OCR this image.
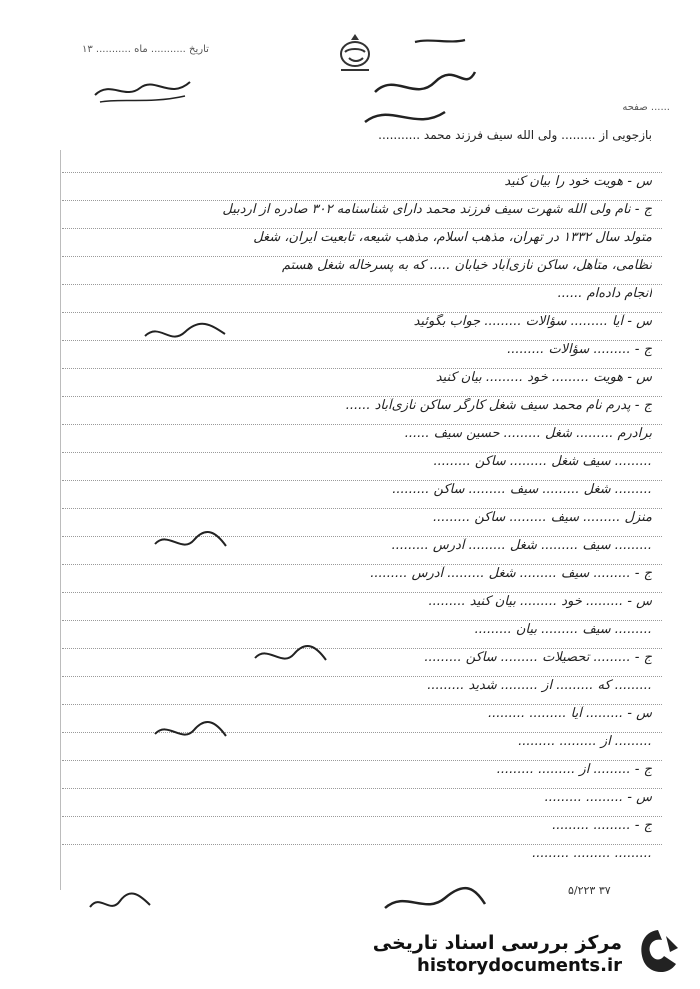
تاریخ ........... ماه ........... ۱۳
بازجویی از ......... ولی الله سیف فرزند محمد ...........
صفحه ......
س - هویت خود را بیان کنید
ج - نام ولی الله شهرت سیف فرزند محمد دارای شناسنامه ۳۰۲ صادره از اردبیل
متولد سال ۱۳۳۲ در تهران، مذهب اسلام، مذهب شیعه، تابعیت ایران، شغل
نظامی، متأهل، ساکن نازی‌آباد خیابان ..... که به پسرخاله شغل هستم
انجام داده‌ام ......
س - آیا ......... سؤالات ......... جواب بگوئید
ج - ......... سؤالات .........
س - هویت ......... خود ......... بیان کنید
ج - پدرم نام محمد سیف شغل کارگر ساکن نازی‌آباد ......
برادرم ......... شغل ......... حسین سیف ......
......... سیف شغل ......... ساکن .........
......... شغل ......... سیف ......... ساکن .........
منزل ......... سیف ......... ساکن .........
......... سیف ......... شغل ......... آدرس .........
ج - ......... سیف ......... شغل ......... آدرس .........
س - ......... خود ......... بیان کنید .........
......... سیف ......... بیان .........
ج - ......... تحصیلات ......... ساکن .........
......... که ......... از ......... شدید .........
س - ......... آیا ......... .........
......... از ......... .........
ج - ......... از ......... .........
س - ......... .........
ج - ......... .........
......... ......... .........
۵/۲۲۳ ۳۷
مرکز بررسی اسناد تاریخی
historydocuments.ir
